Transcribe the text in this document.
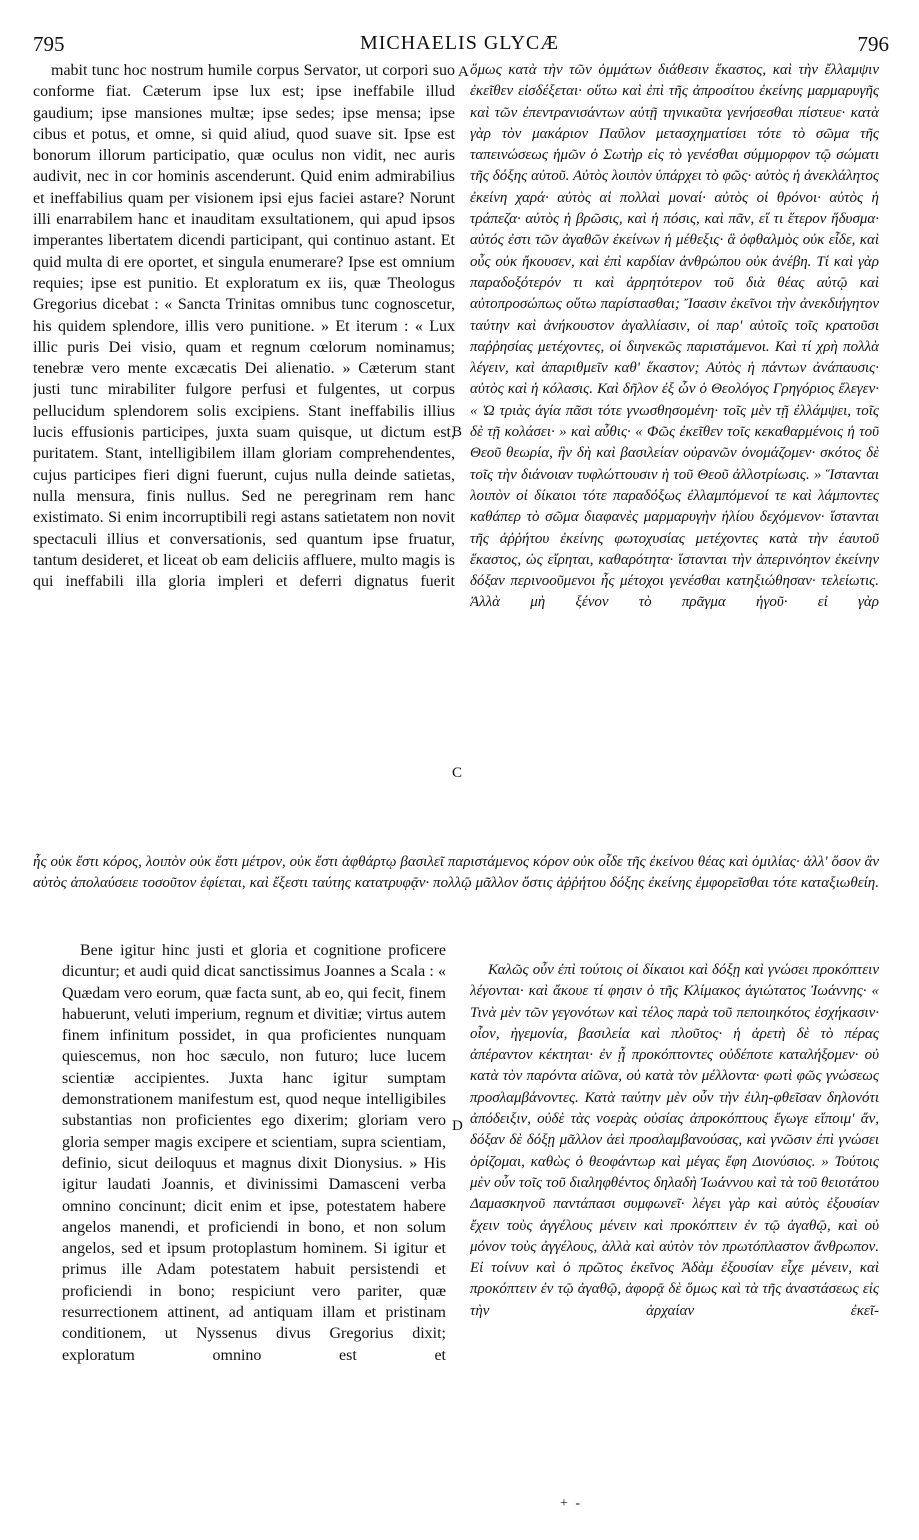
795	MICHAELIS GLYCÆ	796

mabit tunc hoc nostrum humile corpus Servator, ut corpori suo conforme fiat. Cæterum ipse lux est; ipse ineffabile illud gaudium; ipse mansiones multæ; ipse sedes; ipse mensa; ipse cibus et potus, et omne, si quid aliud, quod suave sit. Ipse est bonorum illorum participatio, quæ oculus non vidit, nec auris audivit, nec in cor hominis ascenderunt. Quid enim admirabilius et ineffabilius quam per visionem ipsi ejus faciei astare? Norunt illi enarrabilem hanc et inauditam exsultationem, qui apud ipsos imperantes libertatem dicendi participant, qui continuo astant. Et quid multa di ere oportet, et singula enumerare? Ipse est omnium requies; ipse est punitio. Et exploratum ex iis, quæ Theologus Gregorius dicebat : « Sancta Trinitas omnibus tunc cognoscetur, his quidem splendore, illis vero punitione. » Et iterum : « Lux illic puris Dei visio, quam et regnum cœlorum nominamus; tenebræ vero mente excæcatis Dei alienatio. » Cæterum stant justi tunc mirabiliter fulgore perfusi et fulgentes, ut corpus pellucidum splendorem solis excipiens. Stant ineffabilis illius lucis effusionis participes, juxta suam quisque, ut dictum est, puritatem. Stant, intelligibilem illam gloriam comprehendentes, cujus participes fieri digni fuerunt, cujus nulla deinde satietas, nulla mensura, finis nullus. Sed ne peregrinam rem hanc existimato. Si enim incorruptibili regi astans satietatem non novit spectaculi illius et conversationis, sed quantum ipse fruatur, tantum desideret, et liceat ob eam deliciis affluere, multo magis is qui ineffabili illa gloria impleri et deferri dignatus fuerit

A
B
C
D

ὅμως κατὰ τὴν τῶν ὀμμάτων διάθεσιν ἕκαστος, καὶ τὴν ἔλλαμψιν ἐκεῖθεν εἰσδέξεται· οὕτω καὶ ἐπὶ τῆς ἀπροσίτου ἐκείνης μαρμαρυγῆς καὶ τῶν ἐπεντρανισάντων αὐτῇ τηνικαῦτα γενήσεσθαι πίστευε· κατὰ γὰρ τὸν μακάριον Παῦλον μετασχηματίσει τότε τὸ σῶμα τῆς ταπεινώσεως ἡμῶν ὁ Σωτὴρ εἰς τὸ γενέσθαι σύμμορφον τῷ σώματι τῆς δόξης αὐτοῦ. Αὐτὸς λοιπὸν ὑπάρχει τὸ φῶς· αὐτὸς ἡ ἀνεκλάλητος ἐκείνη χαρά· αὐτὸς αἱ πολλαὶ μοναί· αὐτὸς οἱ θρόνοι· αὐτὸς ἡ τράπεζα· αὐτὸς ἡ βρῶσις, καὶ ἡ πόσις, καὶ πᾶν, εἴ τι ἕτερον ἥδυσμα· αὐτός ἐστι τῶν ἀγαθῶν ἐκείνων ἡ μέθεξις· ἃ ὀφθαλμὸς οὐκ εἶδε, καὶ οὖς οὐκ ἤκουσεν, καὶ ἐπὶ καρδίαν ἀνθρώπου οὐκ ἀνέβη. Τί καὶ γὰρ παραδοξότερόν τι καὶ ἀρρητότερον τοῦ διὰ θέας αὐτῷ καὶ αὐτοπροσώπως οὕτω παρίστασθαι; Ἴσασιν ἐκεῖνοι τὴν ἀνεκδιήγητον ταύτην καὶ ἀνήκουστον ἀγαλλίασιν, οἱ παρ' αὐτοῖς τοῖς κρατοῦσι παῤῥησίας μετέχοντες, οἱ διηνεκῶς παριστάμενοι. Καὶ τί χρὴ πολλὰ λέγειν, καὶ ἀπαριθμεῖν καθ' ἕκαστον; Αὐτὸς ἡ πάντων ἀνάπαυσις· αὐτὸς καὶ ἡ κόλασις. Καὶ δῆλον ἐξ ὧν ὁ Θεολόγος Γρηγόριος ἔλεγεν· « Ὡ τριὰς ἁγία πᾶσι τότε γνωσθησομένη· τοῖς μὲν τῇ ἐλλάμψει, τοῖς δὲ τῇ κολάσει· » καὶ αὖθις· « Φῶς ἐκεῖθεν τοῖς κεκαθαρμένοις ἡ τοῦ Θεοῦ θεωρία, ἣν δὴ καὶ βασιλείαν οὐρανῶν ὀνομάζομεν· σκότος δὲ τοῖς τὴν διάνοιαν τυφλώττουσιν ἡ τοῦ Θεοῦ ἀλλοτρίωσις. » Ἵστανται λοιπὸν οἱ δίκαιοι τότε παραδόξως ἐλλαμπόμενοί τε καὶ λάμποντες καθάπερ τὸ σῶμα διαφανὲς μαρμαρυγὴν ἡλίου δεχόμενον· ἵστανται τῆς ἀῤῥήτου ἐκείνης φωτοχυσίας μετέχοντες κατὰ τὴν ἑαυτοῦ ἕκαστος, ὡς εἴρηται, καθαρότητα· ἵστανται τὴν ἀπερινόητον ἐκείνην δόξαν περινοοῦμενοι ἧς μέτοχοι γενέσθαι κατηξιώθησαν· τελείωτις. Ἀλλὰ μὴ ξένον τὸ πρᾶγμα ἡγοῦ· εἰ γὰρ

ἧς οὐκ ἔστι κόρος, λοιπὸν οὐκ ἔστι μέτρον, οὐκ ἔστι ἀφθάρτῳ βασιλεῖ παριστάμενος κόρον οὐκ οἶδε τῆς ἐκείνου θέας καὶ ὁμιλίας· ἀλλ' ὅσον ἂν αὐτὸς ἀπολαύσειε τοσοῦτον ἐφίεται, καὶ ἔξεστι ταύτης κατατρυφᾷν· πολλῷ μᾶλλον ὅστις ἀῤῥήτου δόξης ἐκείνης ἐμφορεῖσθαι τότε καταξιωθείη.

Bene igitur hinc justi et gloria et cognitione proficere dicuntur; et audi quid dicat sanctissimus Joannes a Scala : « Quædam vero eorum, quæ facta sunt, ab eo, qui fecit, finem habuerunt, veluti imperium, regnum et divitiæ; virtus autem finem infinitum possidet, in qua proficientes nunquam quiescemus, non hoc sæculo, non futuro; luce lucem scientiæ accipientes. Juxta hanc igitur sumptam demonstrationem manifestum est, quod neque intelligibiles substantias non proficientes ego dixerim; gloriam vero gloria semper magis excipere et scientiam, supra scientiam, definio, sicut deiloquus et magnus dixit Dionysius. » His igitur laudati Joannis, et divinissimi Damasceni verba omnino concinunt; dicit enim et ipse, potestatem habere angelos manendi, et proficiendi in bono, et non solum angelos, sed et ipsum protoplastum hominem. Si igitur et primus ille Adam potestatem habuit persistendi et proficiendi in bono; respiciunt vero pariter, quæ resurrectionem attinent, ad antiquam illam et pristinam conditionem, ut Nyssenus divus Gregorius dixit; exploratum omnino est et

Καλῶς οὖν ἐπὶ τούτοις οἱ δίκαιοι καὶ δόξῃ καὶ γνώσει προκόπτειν λέγονται· καὶ ἄκουε τί φησιν ὁ τῆς Κλίμακος ἁγιώτατος Ἰωάννης· « Τινὰ μὲν τῶν γεγονότων καὶ τέλος παρὰ τοῦ πεποιηκότος ἐσχήκασιν· οἷον, ἡγεμονία, βασιλεία καὶ πλοῦτος· ἡ ἀρετὴ δὲ τὸ πέρας ἀπέραντον κέκτηται· ἐν ᾗ προκόπτοντες οὐδέποτε καταλήξομεν· οὐ κατὰ τὸν παρόντα αἰῶνα, οὐ κατὰ τὸν μέλλοντα· φωτὶ φῶς γνώσεως προσλαμβάνοντες. Κατὰ ταύτην μὲν οὖν τὴν ἐιλη-φθεῖσαν δηλονότι ἀπόδειξιν, οὐδὲ τὰς νοερὰς οὐσίας ἀπροκόπτους ἔγωγε εἴποιμ' ἄν, δόξαν δὲ δόξῃ μᾶλλον ἀεὶ προσλαμβανούσας, καὶ γνῶσιν ἐπὶ γνώσει ὁρίζομαι, καθὼς ὁ θεοφάντωρ καὶ μέγας ἔφη Διονύσιος. » Τούτοις μὲν οὖν τοῖς τοῦ διαληφθέντος δηλαδὴ Ἰωάννου καὶ τὰ τοῦ θειοτάτου Δαμασκηνοῦ παντάπασι συμφωνεῖ· λέγει γὰρ καὶ αὐτὸς ἐξουσίαν ἔχειν τοὺς ἀγγέλους μένειν καὶ προκόπτειν ἐν τῷ ἀγαθῷ, καὶ οὐ μόνον τοὺς ἀγγέλους, ἀλλὰ καὶ αὐτὸν τὸν πρωτόπλαστον ἄνθρωπον. Εἰ τοίνυν καὶ ὁ πρῶτος ἐκεῖνος Ἀδὰμ ἐξουσίαν εἶχε μένειν, καὶ προκόπτειν ἐν τῷ ἀγαθῷ, ἀφορᾷ δὲ ὅμως καὶ τὰ τῆς ἀναστάσεως εἰς τὴν ἀρχαίαν ἐκεῖ-

+ -
